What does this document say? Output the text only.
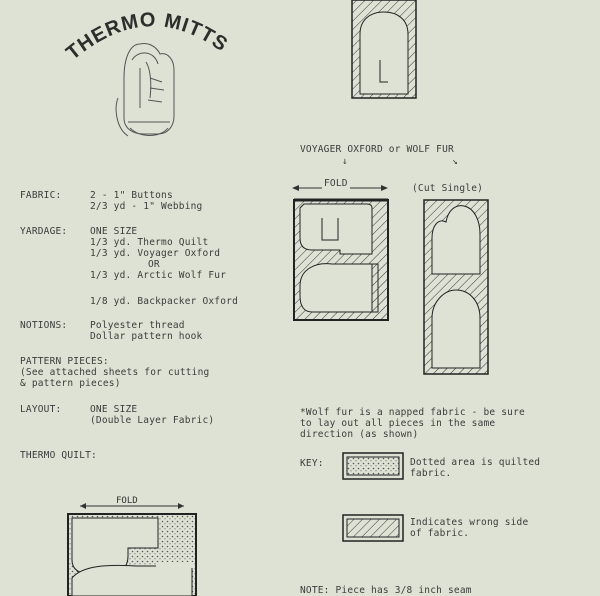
THERMO MITTS
FABRIC:	2 - 1" Buttons
2/3 yd - 1" Webbing
YARDAGE: ONE SIZE
1/3 yd. Thermo Quilt
1/3 yd. Voyager Oxford
OR
1/3 yd. Arctic Wolf Fur
1/8 yd. Backpacker Oxford
NOTIONS: Polyester thread
Dollar pattern hook
PATTERN PIECES:
(See attached sheets for cutting
& pattern pieces)
LAYOUT:	ONE SIZE
(Double Layer Fabric)
THERMO QUILT:
FOLD
VOYAGER OXFORD or WOLF FUR
↓	↘
FOLD	(Cut Single)
*Wolf fur is a napped fabric - be sure
to lay out all pieces in the same
direction (as shown)
KEY:	Dotted area is quilted
fabric.
Indicates wrong side
of fabric.
NOTE: Piece has 3/8 inch seam
